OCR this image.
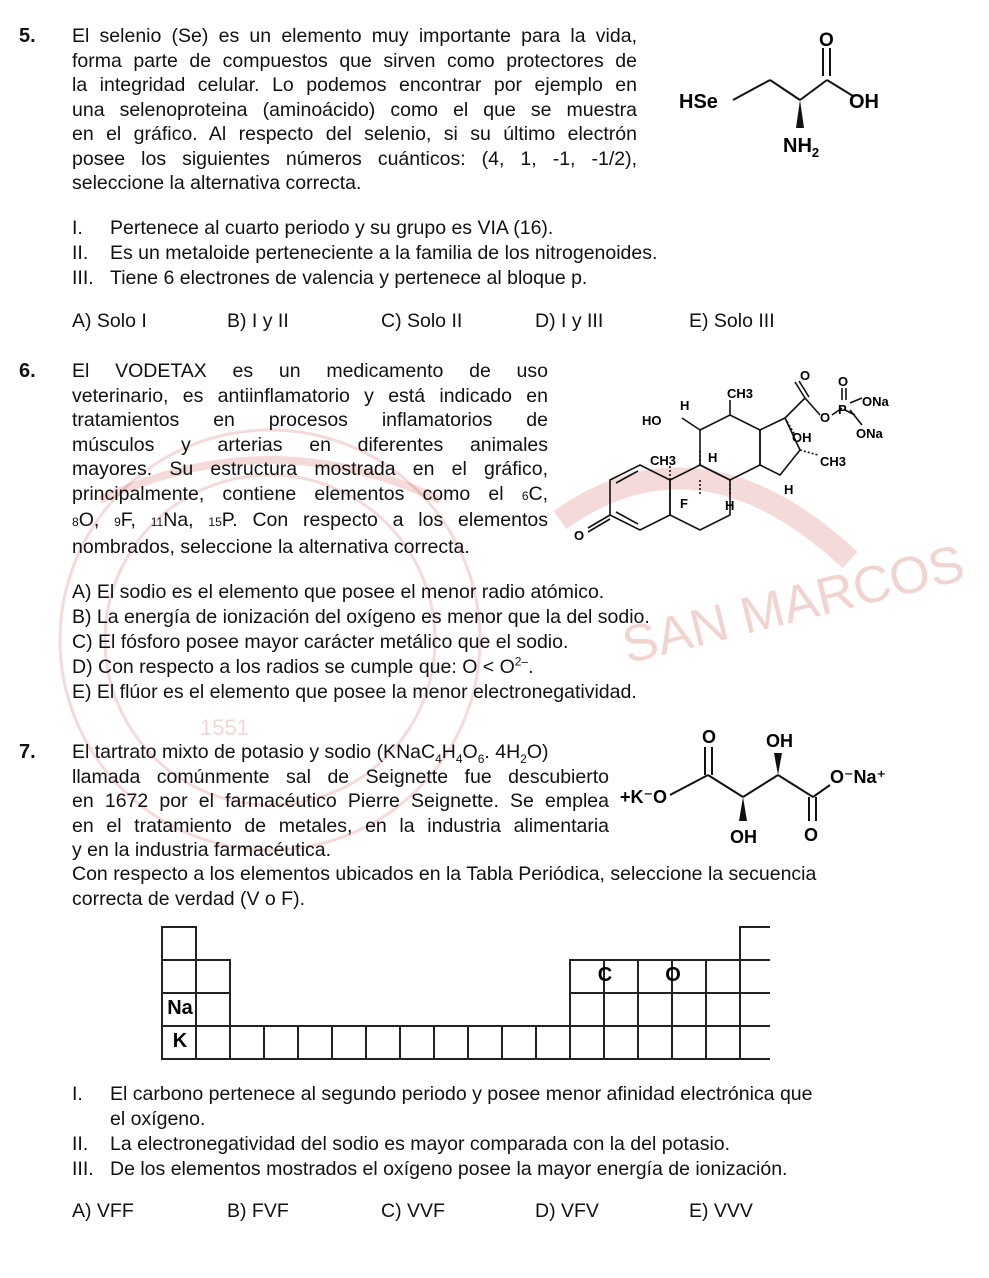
SAN MARCOS
1551
5. El selenio (Se) es un elemento muy importante para la vida,
forma parte de compuestos que sirven como protectores de
la integridad celular. Lo podemos encontrar por ejemplo en
una selenoproteina (aminoácido) como el que se muestra
en el gráfico. Al respecto del selenio, si su último electrón
posee los siguientes números cuánticos: (4, 1, -1, -1/2),
seleccione la alternativa correcta.
HSe
O
OH
$NH_2$
I. Pertenece al cuarto periodo y su grupo es VIA (16).
II. Es un metaloide perteneciente a la familia de los nitrogenoides.
III. Tiene 6 electrones de valencia y pertenece al bloque p.
A) Solo I	B) I y II	C) Solo II	D) I y III	E) Solo III
6. El VODETAX es un medicamento de uso
veterinario, es antiinflamatorio y está indicado en
tratamientos en procesos inflamatorios de
músculos y arterias en diferentes animales
mayores. Su estructura mostrada en el gráfico,
principalmente, contiene elementos como el 6C,
8O, 9F, 11Na, 15P. Con respecto a los elementos
nombrados, seleccione la alternativa correcta.
O O
ONa
P
O
ONa
H
CH3
HO
OH
CH3 H	CH3
H
F	H
O
A) El sodio es el elemento que posee el menor radio atómico.
B) La energía de ionización del oxígeno es menor que la del sodio.
C) El fósforo posee mayor carácter metálico que el sodio.
D) Con respecto a los radios se cumple que: $O < O^{2-}$.
E) El flúor es el elemento que posee la menor electronegatividad.
7. El tartrato mixto de potasio y sodio ($KNaC_4H_4O_6$. $4H_2O$)
llamada comúnmente sal de Seignette fue descubierto
en 1672 por el farmacéutico Pierre Seignette. Se emplea
en el tratamiento de metales, en la industria alimentaria
y en la industria farmacéutica.
Con respecto a los elementos ubicados en la Tabla Periódica, seleccione la secuencia
correcta de verdad (V o F).
O	OH
+K⁻O
O⁻Na⁺
OH	O
C	O
Na
K
I. El carbono pertenece al segundo periodo y posee menor afinidad electrónica que
el oxígeno.
II. La electronegatividad del sodio es mayor comparada con la del potasio.
III. De los elementos mostrados el oxígeno posee la mayor energía de ionización.
A) VFF	B) FVF	C) VVF	D) VFV	E) VVV
